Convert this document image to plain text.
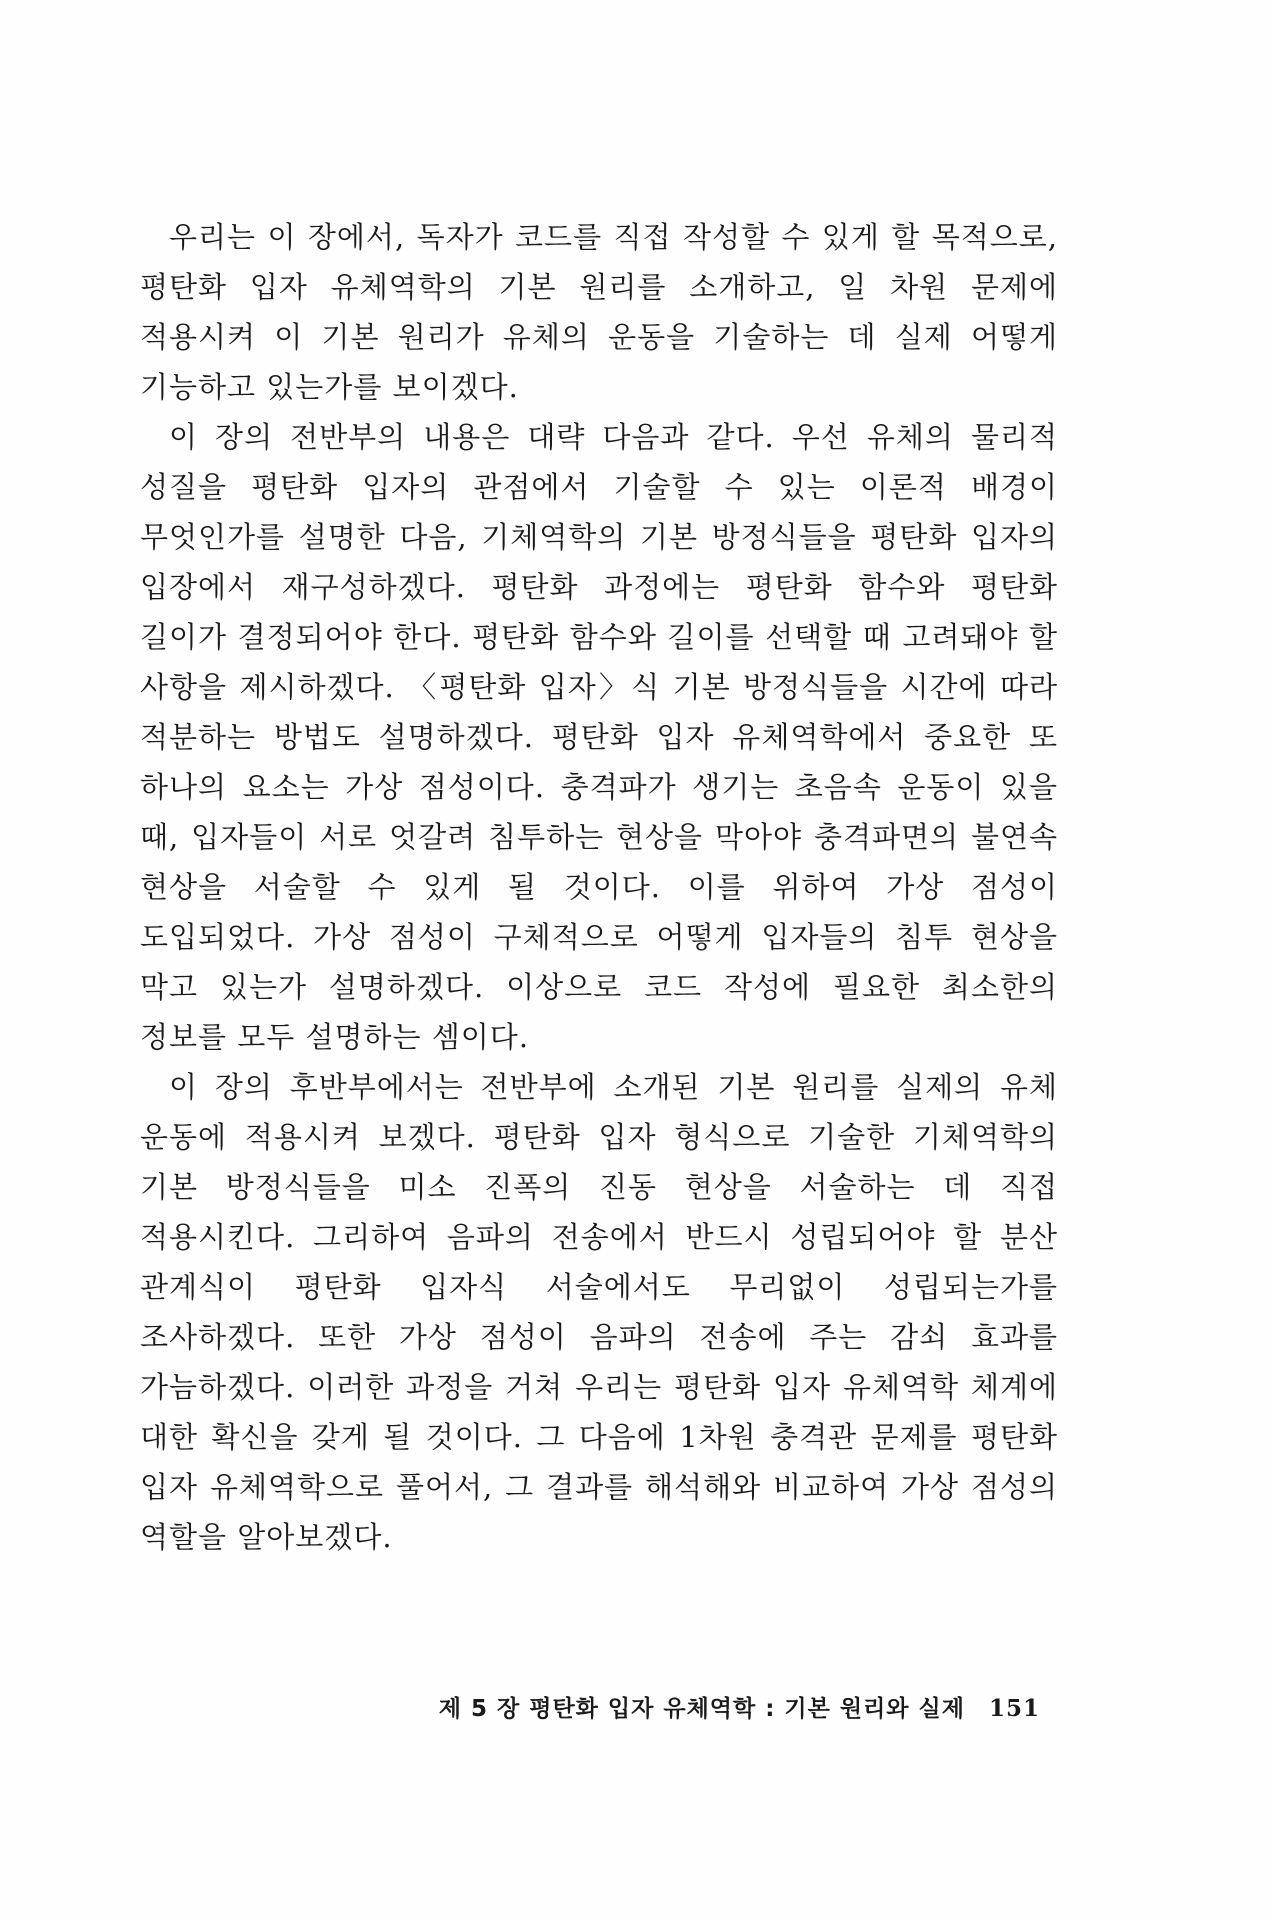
우리는 이 장에서, 독자가 코드를 직접 작성할 수 있게 할 목적으로, 평탄화 입자 유체역학의 기본 원리를 소개하고, 일 차원 문제에 적용시켜 이 기본 원리가 유체의 운동을 기술하는 데 실제 어떻게 기능하고 있는가를 보이겠다.

이 장의 전반부의 내용은 대략 다음과 같다. 우선 유체의 물리적 성질을 평탄화 입자의 관점에서 기술할 수 있는 이론적 배경이 무엇인가를 설명한 다음, 기체역학의 기본 방정식들을 평탄화 입자의 입장에서 재구성하겠다. 평탄화 과정에는 평탄화 함수와 평탄화 길이가 결정되어야 한다. 평탄화 함수와 길이를 선택할 때 고려돼야 할 사항을 제시하겠다. 〈평탄화 입자〉식 기본 방정식들을 시간에 따라 적분하는 방법도 설명하겠다. 평탄화 입자 유체역학에서 중요한 또 하나의 요소는 가상 점성이다. 충격파가 생기는 초음속 운동이 있을 때, 입자들이 서로 엇갈려 침투하는 현상을 막아야 충격파면의 불연속 현상을 서술할 수 있게 될 것이다. 이를 위하여 가상 점성이 도입되었다. 가상 점성이 구체적으로 어떻게 입자들의 침투 현상을 막고 있는가 설명하겠다. 이상으로 코드 작성에 필요한 최소한의 정보를 모두 설명하는 셈이다.

이 장의 후반부에서는 전반부에 소개된 기본 원리를 실제의 유체 운동에 적용시켜 보겠다. 평탄화 입자 형식으로 기술한 기체역학의 기본 방정식들을 미소 진폭의 진동 현상을 서술하는 데 직접 적용시킨다. 그리하여 음파의 전송에서 반드시 성립되어야 할 분산 관계식이 평탄화 입자식 서술에서도 무리없이 성립되는가를 조사하겠다. 또한 가상 점성이 음파의 전송에 주는 감쇠 효과를 가늠하겠다. 이러한 과정을 거쳐 우리는 평탄화 입자 유체역학 체계에 대한 확신을 갖게 될 것이다. 그 다음에 1차원 충격관 문제를 평탄화 입자 유체역학으로 풀어서, 그 결과를 해석해와 비교하여 가상 점성의 역할을 알아보겠다.

제 5 장 평탄화 입자 유체역학 : 기본 원리와 실제 151
